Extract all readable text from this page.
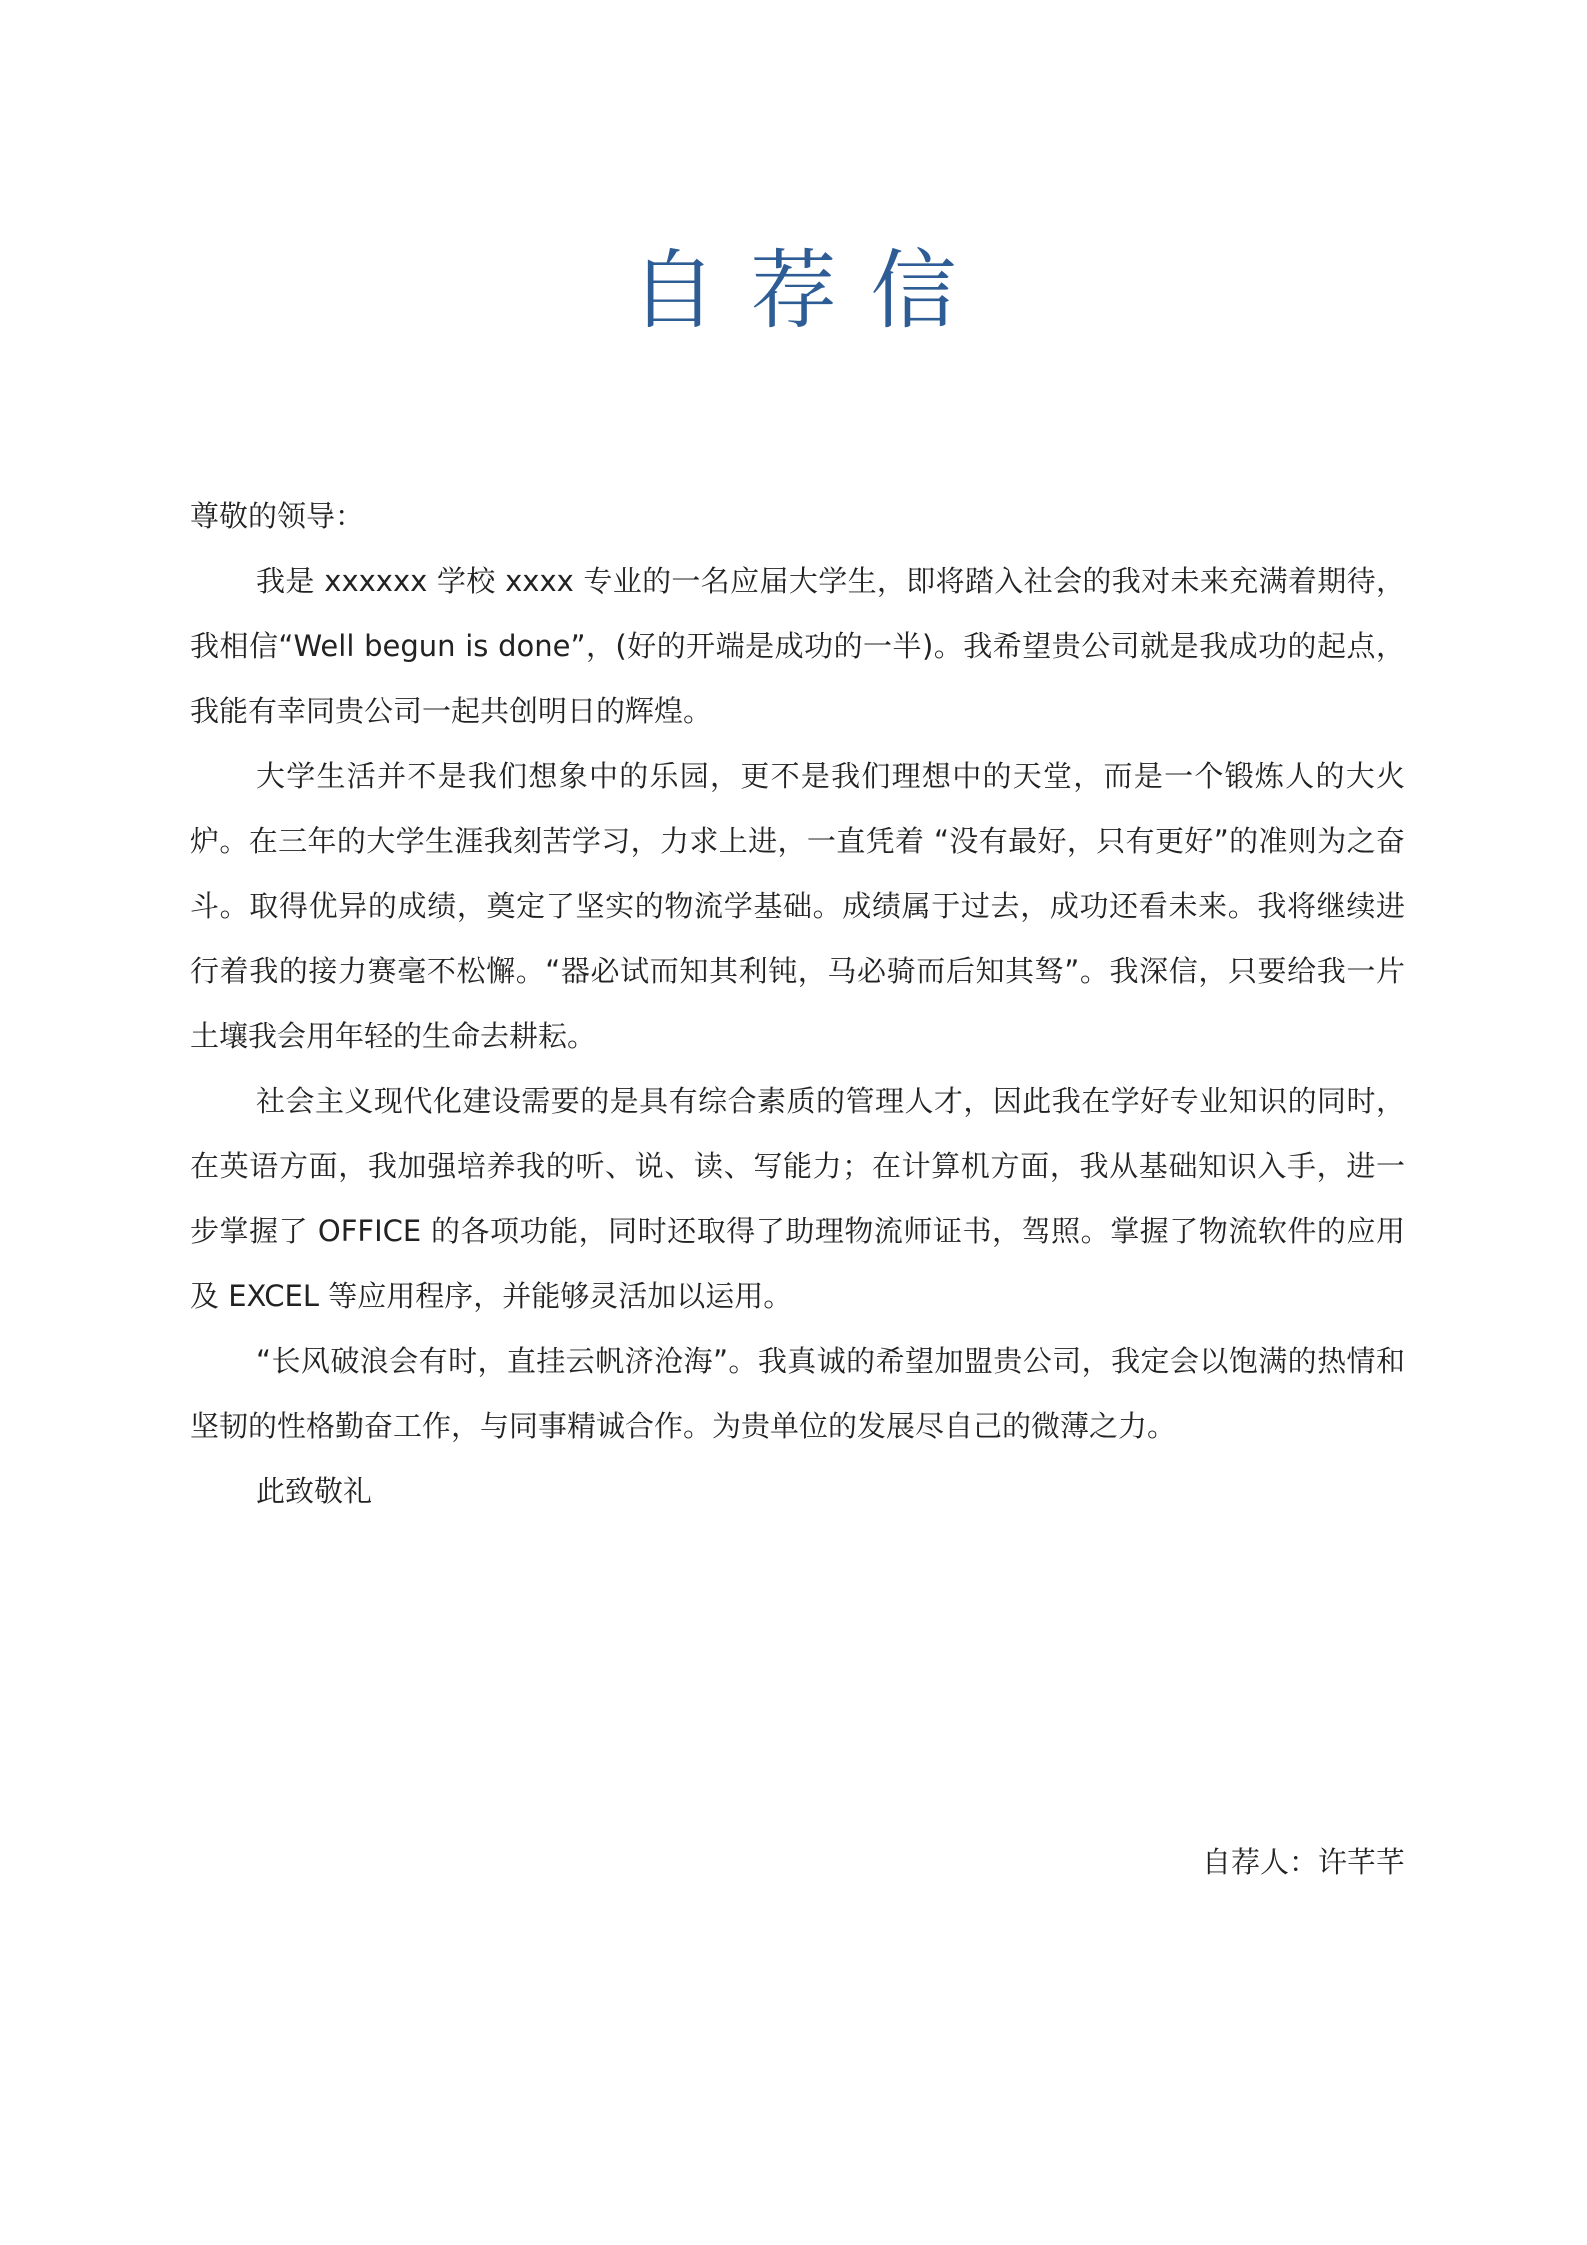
自荐信

尊敬的领导：

我是 xxxxxx 学校 xxxx 专业的一名应届大学生，即将踏入社会的我对未来充满着期待，我相信“Well begun is done”，(好的开端是成功的一半)。我希望贵公司就是我成功的起点，我能有幸同贵公司一起共创明日的辉煌。

大学生活并不是我们想象中的乐园，更不是我们理想中的天堂，而是一个锻炼人的大火炉。在三年的大学生涯我刻苦学习，力求上进，一直凭着 “没有最好，只有更好”的准则为之奋斗。取得优异的成绩，奠定了坚实的物流学基础。成绩属于过去，成功还看未来。我将继续进行着我的接力赛毫不松懈。“器必试而知其利钝，马必骑而后知其驽”。我深信，只要给我一片土壤我会用年轻的生命去耕耘。

社会主义现代化建设需要的是具有综合素质的管理人才，因此我在学好专业知识的同时，在英语方面，我加强培养我的听、说、读、写能力；在计算机方面，我从基础知识入手，进一步掌握了 OFFICE 的各项功能，同时还取得了助理物流师证书，驾照。掌握了物流软件的应用及 EXCEL 等应用程序，并能够灵活加以运用。

“长风破浪会有时，直挂云帆济沧海”。我真诚的希望加盟贵公司，我定会以饱满的热情和坚韧的性格勤奋工作，与同事精诚合作。为贵单位的发展尽自己的微薄之力。

此致敬礼

自荐人：许芊芊
